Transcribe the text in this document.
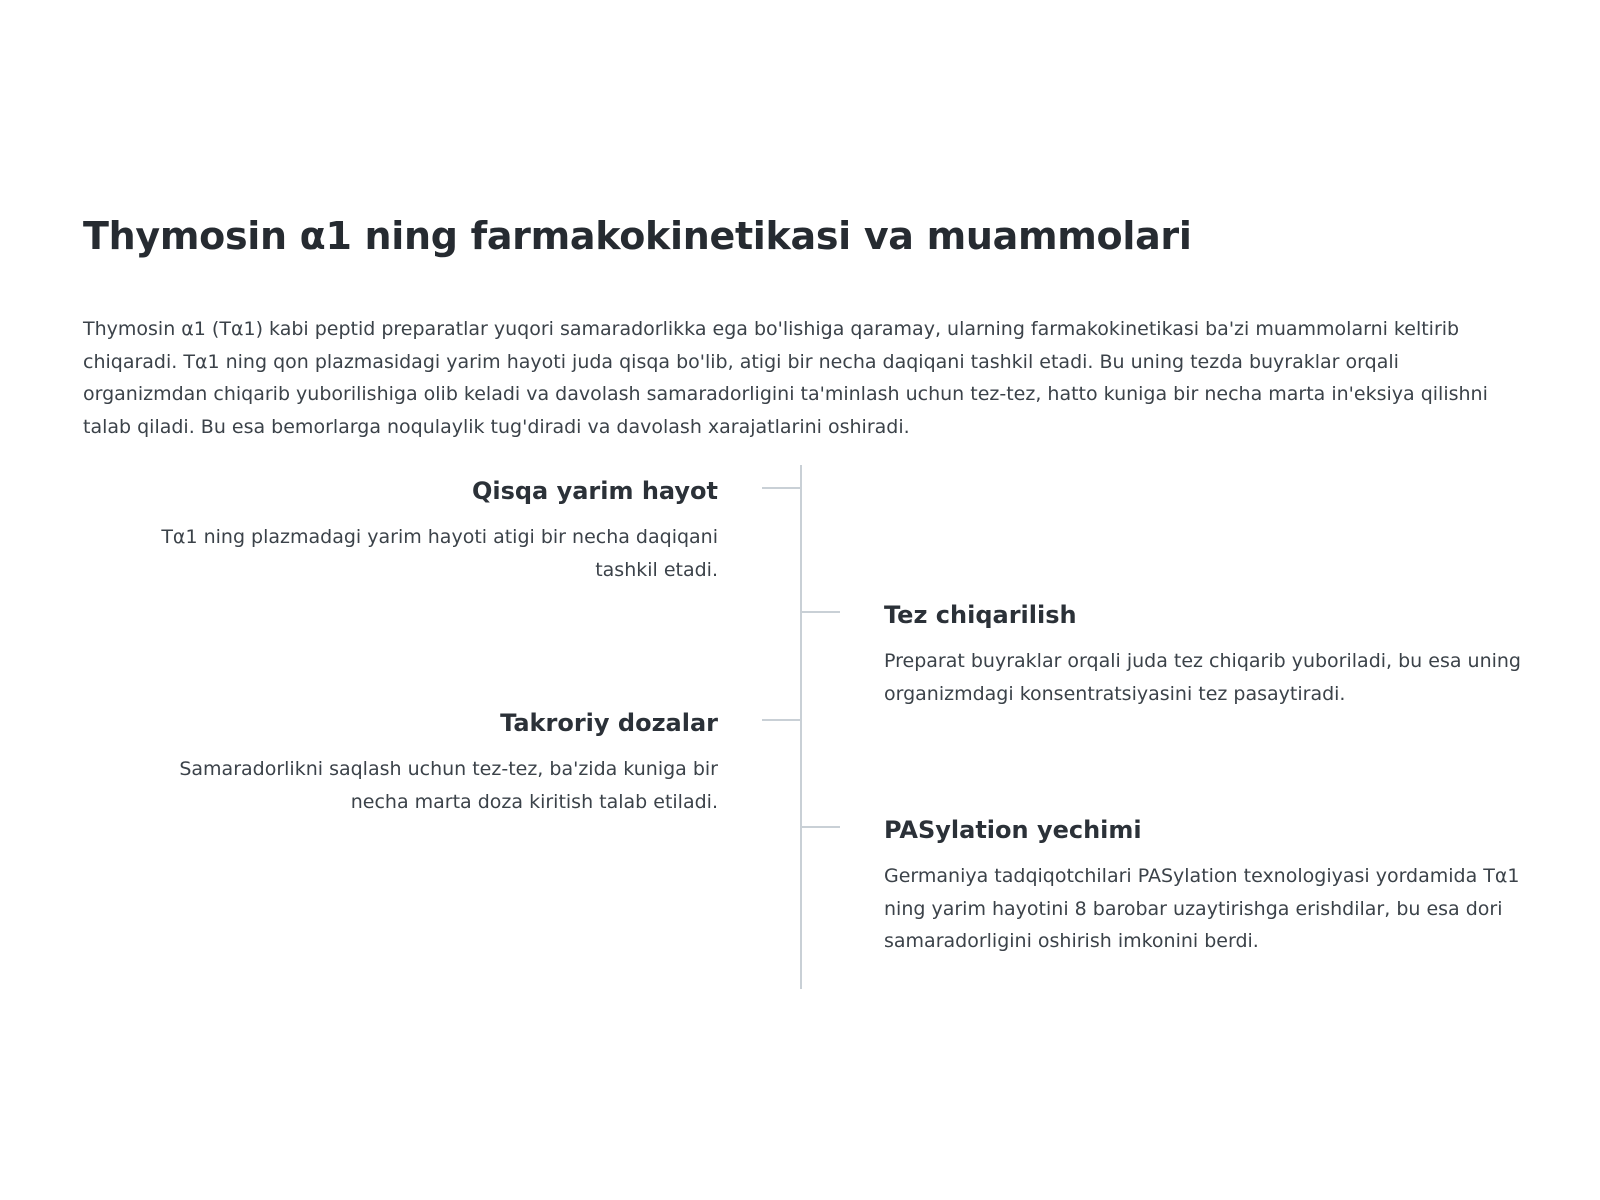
Thymosin α1 ning farmakokinetikasi va muammolari

Thymosin α1 (Tα1) kabi peptid preparatlar yuqori samaradorlikka ega bo'lishiga qaramay, ularning farmakokinetikasi ba'zi muammolarni keltirib chiqaradi. Tα1 ning qon plazmasidagi yarim hayoti juda qisqa bo'lib, atigi bir necha daqiqani tashkil etadi. Bu uning tezda buyraklar orqali organizmdan chiqarib yuborilishiga olib keladi va davolash samaradorligini ta'minlash uchun tez-tez, hatto kuniga bir necha marta in'eksiya qilishni talab qiladi. Bu esa bemorlarga noqulaylik tug'diradi va davolash xarajatlarini oshiradi.

Qisqa yarim hayot

Tα1 ning plazmadagi yarim hayoti atigi bir necha daqiqani tashkil etadi.

Tez chiqarilish

Preparat buyraklar orqali juda tez chiqarib yuboriladi, bu esa uning organizmdagi konsentratsiyasini tez pasaytiradi.

Takroriy dozalar

Samaradorlikni saqlash uchun tez-tez, ba'zida kuniga bir necha marta doza kiritish talab etiladi.

PASylation yechimi

Germaniya tadqiqotchilari PASylation texnologiyasi yordamida Tα1 ning yarim hayotini 8 barobar uzaytirishga erishdilar, bu esa dori samaradorligini oshirish imkonini berdi.
